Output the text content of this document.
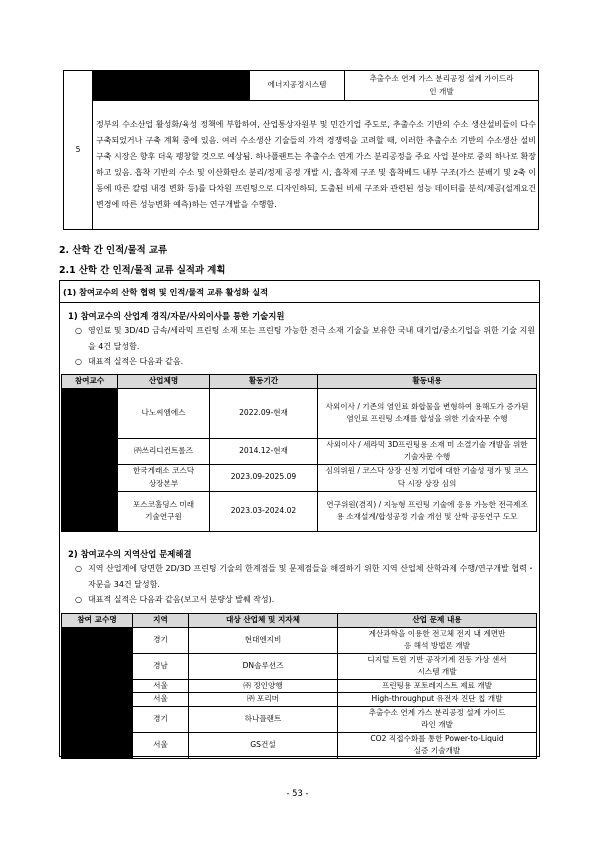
5		에너지공정시스템	추출수소 연계 가스 분리공정 설계 가이드라인 개발

정부의 수소산업 활성화/육성 정책에 부합하여, 산업통상자원부 및 민간기업 주도로, 추출수소 기반의 수소 생산설비들이 다수 구축되었거나 구축 계획 중에 있음. 여러 수소생산 기술들의 가격 경쟁력을 고려할 때, 이러한 추출수소 기반의 수소생산 설비 구축 시장은 향후 더욱 팽창할 것으로 예상됨. 하나플랜트는 추출수소 연계 가스 분리공정을 주요 사업 분야로 중의 하나로 확장하고 있음. 흡착 기반의 수소 및 이산화탄소 분리/정제 공정 개발 시, 흡착제 구조 및 흡착베드 내부 구조(가스 분배기 및 z축 이동에 따른 칼럼 내경 변화 등)를 다차원 프린팅으로 디자인하되, 도출된 비세 구조와 관련된 성능 데이터를 분석/제공(설계요건 변경에 따른 성능변화 예측)하는 연구개발을 수행함.
2. 산학 간 인적/물적 교류
2.1 산학 간 인적/물적 교류 실적과 계획
(1) 참여교수의 산학 협력 및 인적/물적 교류 활성화 실적
1) 참여교수의 산업계 경직/자문/사외이사를 통한 기술지원
○ 영인료 및 3D/4D 금속/세라믹 프린팅 소재 또는 프린팅 가능한 전극 소재 기술을 보유한 국내 대기업/중소기업을 위한 기술 지원을 4건 달성함.
○ 대표적 실적은 다음과 같음.
참여교수	산업체명	활동기간	활동내용
	나노씨엠에스	2022.09-현재	사외이사 / 기존의 염인료 화합물을 변형하여 용해도가 증가된 염인료 프린팅 소재를 합성을 위한 기술자문 수행
	㈜쓰리디컨트롤즈	2014.12-현재	사외이사 / 세라믹 3D프린팅용 소재 미 소결기술 개발을 위한 기술자문 수행
	한국게래소 코스닥상장본부	2023.09-2025.09	심의위원 / 코스닥 상장 신청 기업에 대한 기술성 평가 및 코스닥 시장 상장 심의
	포스코홀딩스 미래기술연구원	2023.03-2024.02	연구위원(겸직) / 지능형 프린팅 기술에 응용 가능한 전극제조용 소재설계/합성공정 기술 개선 및 산학 공동연구 도모
2) 참여교수의 지역산업 문제해결
○ 지역 산업계에 당면한 2D/3D 프린팅 기술의 한계점들 및 문제점들을 해결하기 위한 지역 산업체 산학과제 수행/연구개발 협력・자문을 34건 달성함.
○ 대표적 실적은 다음과 같음(보고서 분량상 발췌 작성).
참여 교수명	지역	대상 산업체 및 지자체	산업 문제 내용
	경기	현대엔지비	계산과학을 이용한 전고체 전지 내 계면반응 해석 방법론 개발
	경남	DN솔루션즈	디지털 트윈 기반 공작기계 진동 가상 센서 시스템 개발
	서울	㈜ 정인양행	프린팅용 포토레지스트 제료 개발
	서울	㈜ 포리머	High-throughput 유전자 진단 칩 개발
	경기	하나플랜트	추출수소 연계 가스 분리공정 설계 가이드라인 개발
	서울	GS건설	CO2 직접수화를 통한 Power-to-Liquid 실증 기술개발
- 53 -
